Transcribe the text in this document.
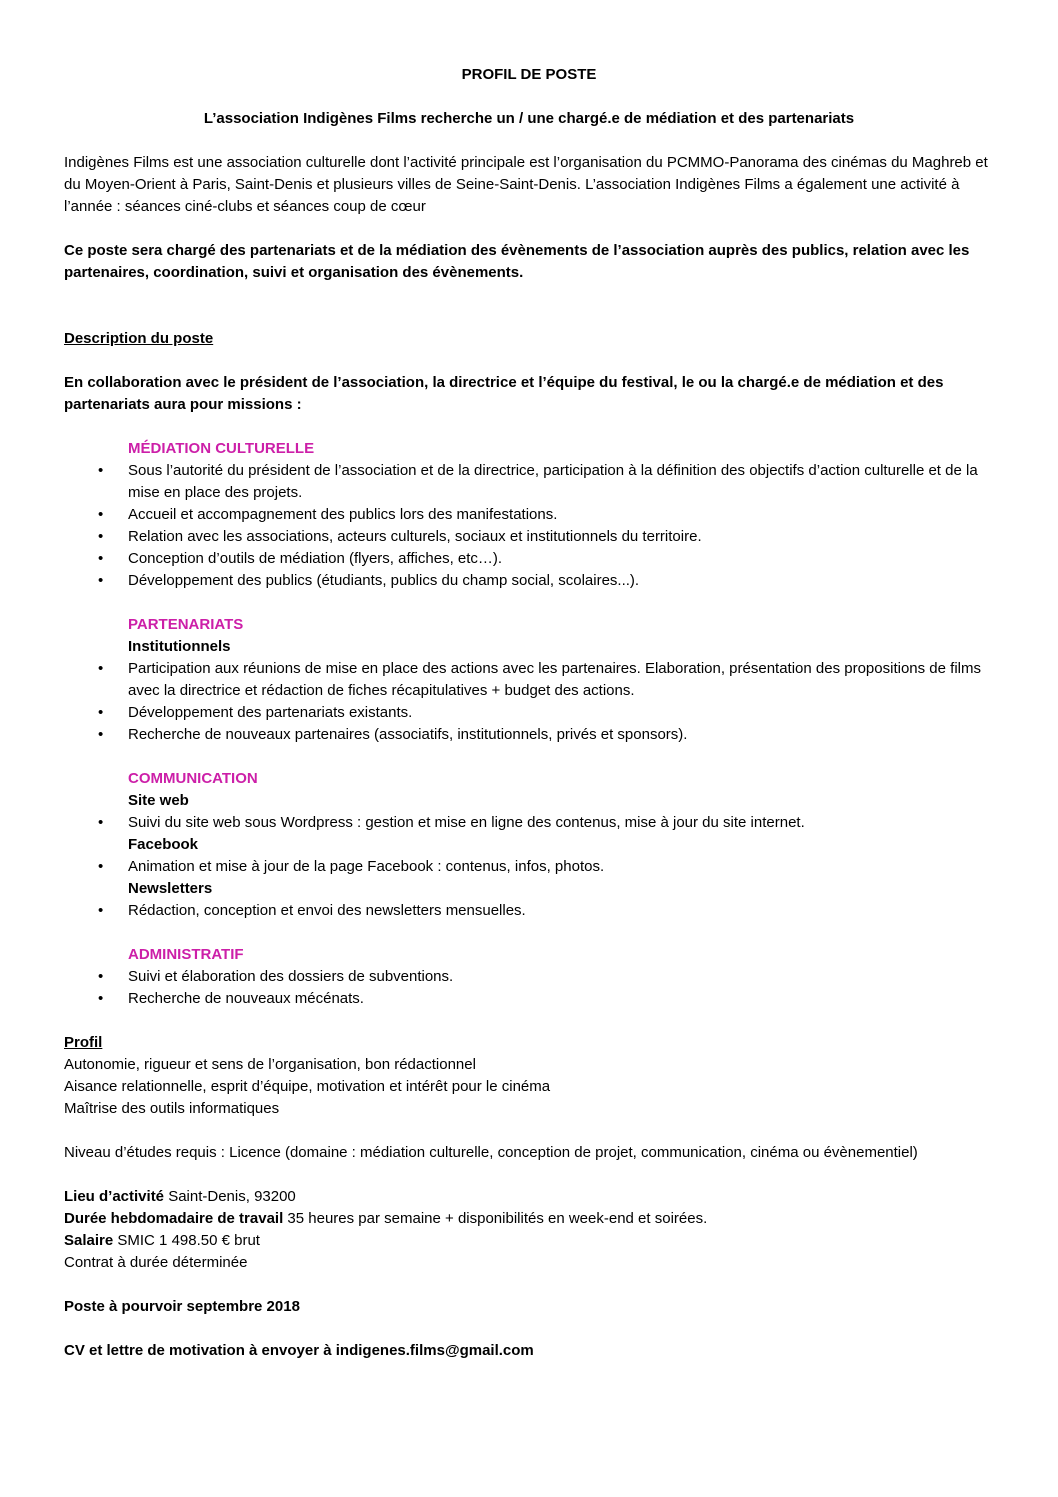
PROFIL DE POSTE

L’association Indigènes Films recherche un / une chargé.e de médiation et des partenariats

Indigènes Films est une association culturelle dont l’activité principale est l’organisation du PCMMO-Panorama des cinémas du Maghreb et du Moyen-Orient à Paris, Saint-Denis et plusieurs villes de Seine-Saint-Denis. L’association Indigènes Films a également une activité à l’année : séances ciné-clubs et séances coup de cœur

Ce poste sera chargé des partenariats et de la médiation des évènements de l’association auprès des publics, relation avec les partenaires, coordination, suivi et organisation des évènements.

Description du poste

En collaboration avec le président de l’association, la directrice et l’équipe du festival, le ou la chargé.e de médiation et des partenariats aura pour missions :

MÉDIATION CULTURELLE

• Sous l’autorité du président de l’association et de la directrice, participation à la définition des objectifs d’action culturelle et de la mise en place des projets.
• Accueil et accompagnement des publics lors des manifestations.
• Relation avec les associations, acteurs culturels, sociaux et institutionnels du territoire.
• Conception d’outils de médiation (flyers, affiches, etc…).
• Développement des publics (étudiants, publics du champ social, scolaires...).

PARTENARIATS

Institutionnels

• Participation aux réunions de mise en place des actions avec les partenaires. Elaboration, présentation des propositions de films avec la directrice et rédaction de fiches récapitulatives + budget des actions.
• Développement des partenariats existants.
• Recherche de nouveaux partenaires (associatifs, institutionnels, privés et sponsors).

COMMUNICATION

Site web

• Suivi du site web sous Wordpress : gestion et mise en ligne des contenus, mise à jour du site internet.

Facebook

• Animation et mise à jour de la page Facebook : contenus, infos, photos.

Newsletters

• Rédaction, conception et envoi des newsletters mensuelles.

ADMINISTRATIF

• Suivi et élaboration des dossiers de subventions.
• Recherche de nouveaux mécénats.

Profil

Autonomie, rigueur et sens de l’organisation, bon rédactionnel

Aisance relationnelle, esprit d’équipe, motivation et intérêt pour le cinéma

Maîtrise des outils informatiques

Niveau d’études requis : Licence (domaine : médiation culturelle, conception de projet, communication, cinéma ou évènementiel)

Lieu d’activité Saint-Denis, 93200

Durée hebdomadaire de travail 35 heures par semaine + disponibilités en week-end et soirées.

Salaire SMIC 1 498.50 € brut

Contrat à durée déterminée

Poste à pourvoir septembre 2018

CV et lettre de motivation à envoyer à indigenes.films@gmail.com
